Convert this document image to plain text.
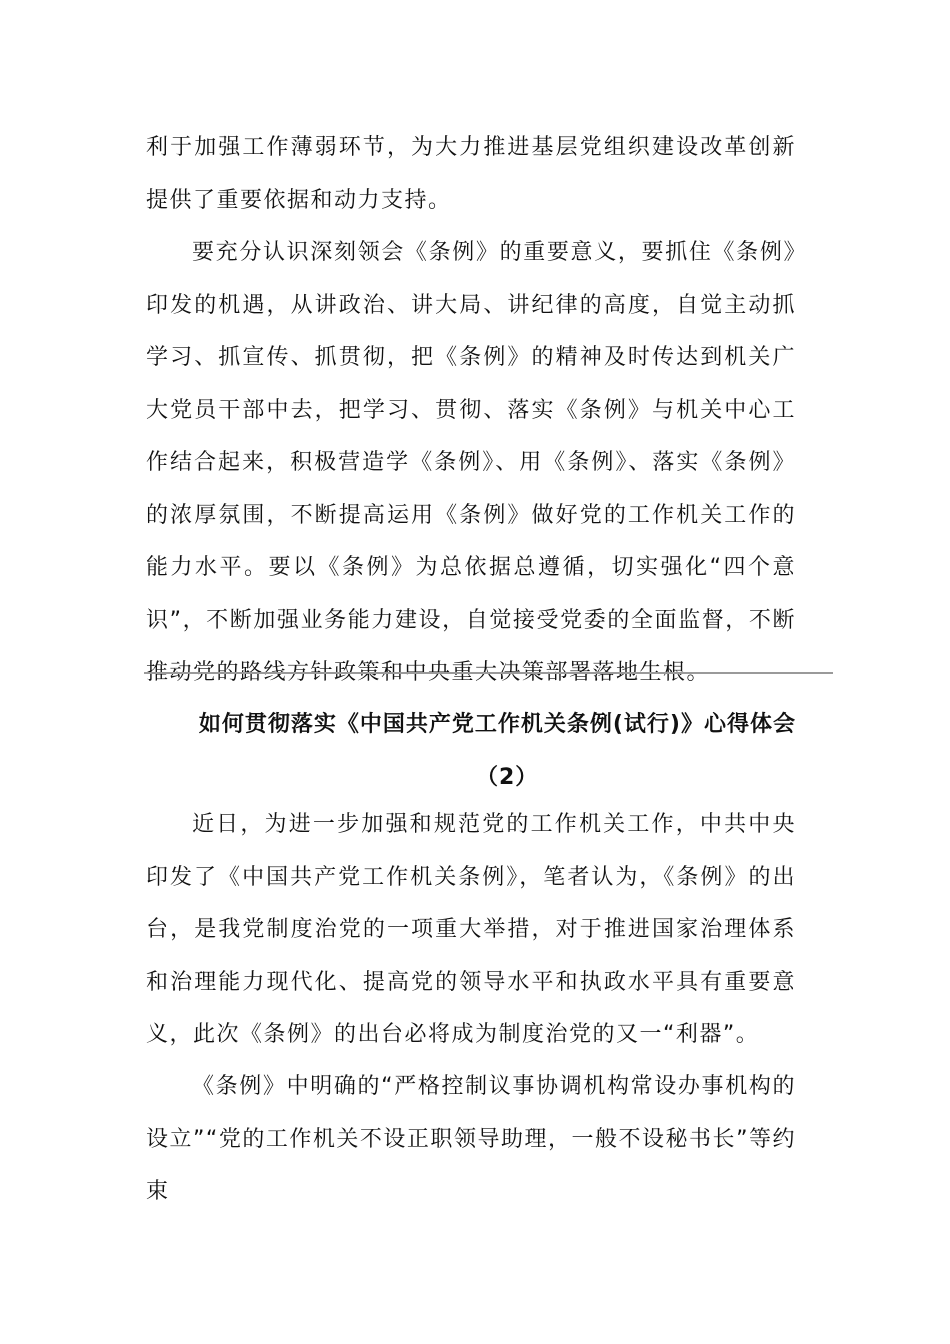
利于加强工作薄弱环节，为大力推进基层党组织建设改革创新提供了重要依据和动力支持。

要充分认识深刻领会《条例》的重要意义，要抓住《条例》印发的机遇，从讲政治、讲大局、讲纪律的高度，自觉主动抓学习、抓宣传、抓贯彻，把《条例》的精神及时传达到机关广大党员干部中去，把学习、贯彻、落实《条例》与机关中心工作结合起来，积极营造学《条例》、用《条例》、落实《条例》的浓厚氛围，不断提高运用《条例》做好党的工作机关工作的能力水平。要以《条例》为总依据总遵循，切实强化“四个意识”，不断加强业务能力建设，自觉接受党委的全面监督，不断推动党的路线方针政策和中央重大决策部署落地生根。

如何贯彻落实《中国共产党工作机关条例(试行)》心得体会

（2）

近日，为进一步加强和规范党的工作机关工作，中共中央印发了《中国共产党工作机关条例》，笔者认为，《条例》的出台，是我党制度治党的一项重大举措，对于推进国家治理体系和治理能力现代化、提高党的领导水平和执政水平具有重要意义，此次《条例》的出台必将成为制度治党的又一“利器”。

《条例》中明确的“严格控制议事协调机构常设办事机构的设立”“党的工作机关不设正职领导助理，一般不设秘书长”等约束
